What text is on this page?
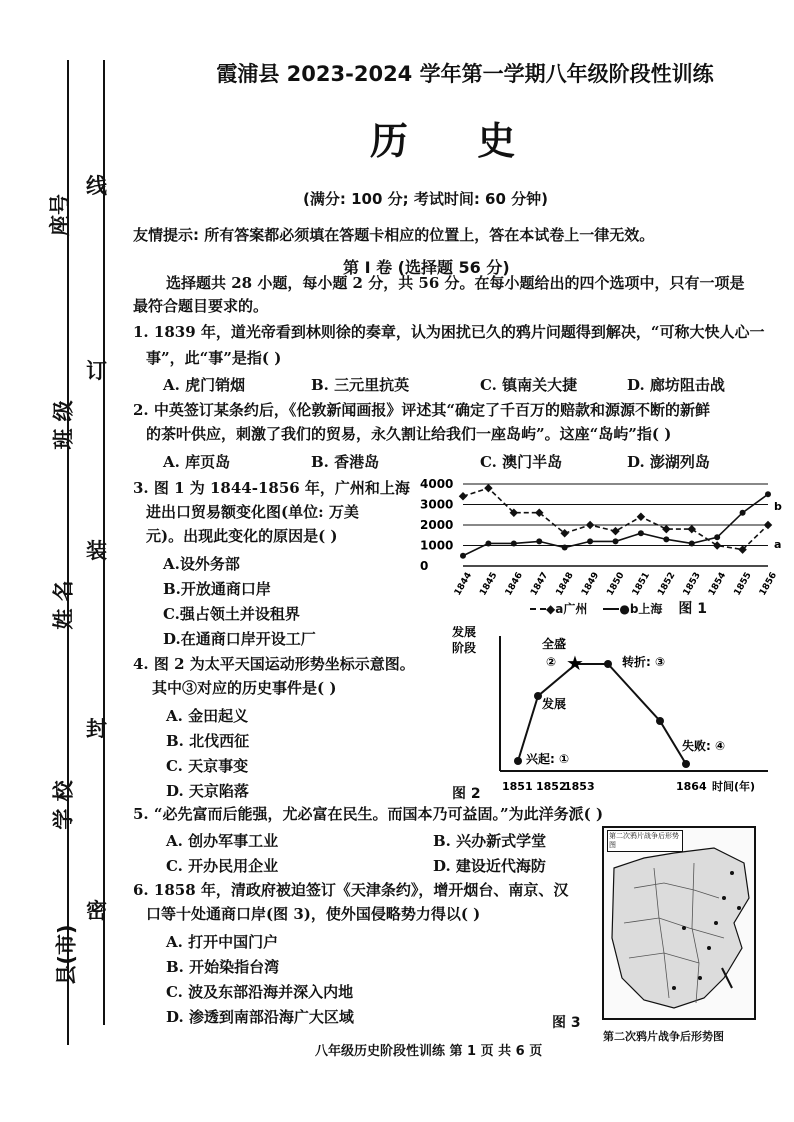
县(市)
学 校
姓 名
班 级
座号
密
封
装
订
线
霞浦县 2023-2024 学年第一学期八年级阶段性训练
历 史
(满分: 100 分; 考试时间: 60 分钟)
友情提示: 所有答案都必须填在答题卡相应的位置上，答在本试卷上一律无效。
第 I 卷 (选择题 56 分)
选择题共 28 小题，每小题 2 分，共 56 分。在每小题给出的四个选项中，只有一项是
最符合题目要求的。
1. 1839 年，道光帝看到林则徐的奏章，认为困扰已久的鸦片问题得到解决，“可称大快人心一
事”，此“事”是指( )
A. 虎门销烟	B. 三元里抗英	C. 镇南关大捷	D. 廊坊阻击战
2. 中英签订某条约后，《伦敦新闻画报》评述其“确定了千百万的赔款和源源不断的新鲜
的茶叶供应，刺激了我们的贸易，永久割让给我们一座岛屿”。这座“岛屿”指( )
A. 库页岛	B. 香港岛	C. 澳门半岛	D. 澎湖列岛
3. 图 1 为 1844-1856 年，广州和上海
进出口贸易额变化图(单位: 万美
元)。出现此变化的原因是( )
A.设外务部
B.开放通商口岸
C.强占领土并设租界
D.在通商口岸开设工厂
1844 1845 1846 1847 1848 1849 1850 1851 1852 1853 1854 1855 1856
4000
3000
2000
1000
0
a
b
◆a广州	●b上海 图 1
4. 图 2 为太平天国运动形势坐标示意图。
其中③对应的历史事件是( )
A. 金田起义
B. 北伐西征
C. 天京事变
D. 天京陷落
发展
阶段
★
全盛
②	转折: ③
发展
兴起: ①
失败: ④
1851 1852
1853	1864 时间(年)
图 2
5. “必先富而后能强，尤必富在民生。而国本乃可益固。”为此洋务派( )
A. 创办军事工业	B. 兴办新式学堂
C. 开办民用企业	D. 建设近代海防
6. 1858 年，清政府被迫签订《天津条约》，增开烟台、南京、汉
口等十处通商口岸(图 3)，使外国侵略势力得以( )
A. 打开中国门户
B. 开始染指台湾
C. 波及东部沿海并深入内地
D. 渗透到南部沿海广大区域
第二次鸦片战争后形势图
图 3
第二次鸦片战争后形势图
八年级历史阶段性训练 第 1 页 共 6 页
